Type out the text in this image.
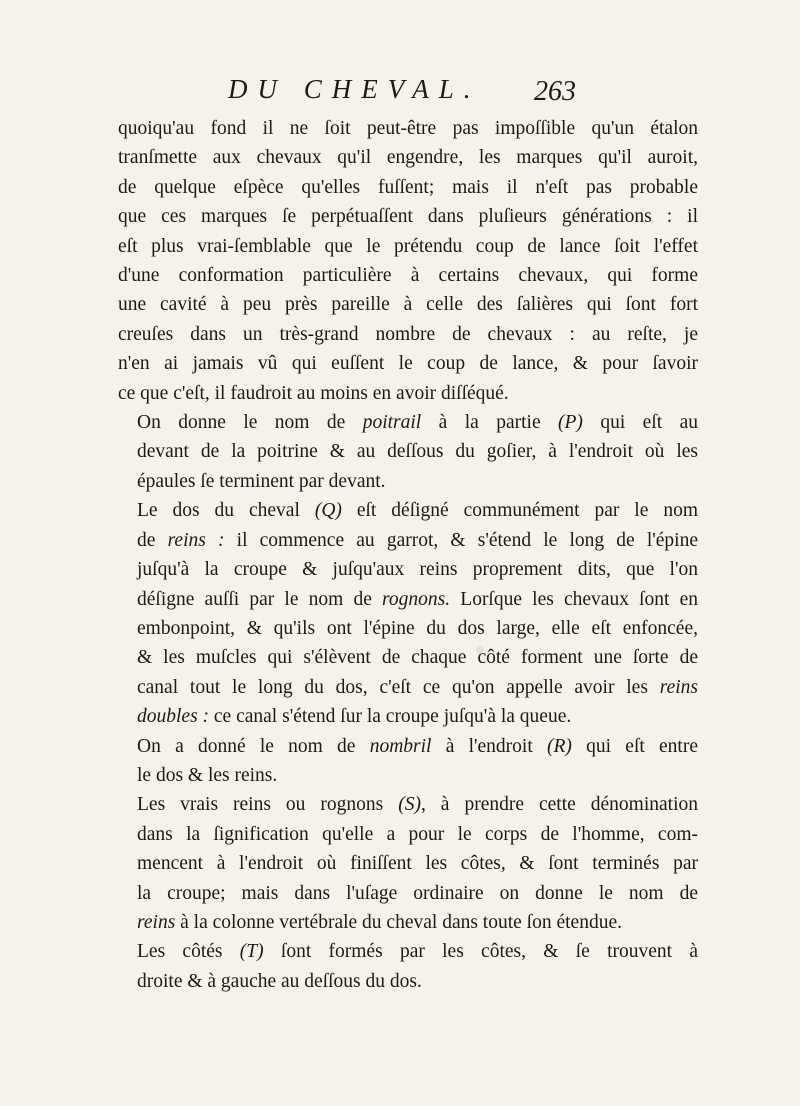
DU CHEVAL. 263

quoiqu'au fond il ne ſoit peut-être pas impoſſible qu'un étalon
tranſmette aux chevaux qu'il engendre, les marques qu'il auroit,
de quelque eſpèce qu'elles fuſſent; mais il n'eſt pas probable
que ces marques ſe perpétuaſſent dans pluſieurs générations : il
eſt plus vrai-ſemblable que le prétendu coup de lance ſoit l'effet
d'une conformation particulière à certains chevaux, qui forme
une cavité à peu près pareille à celle des ſalières qui ſont fort
creuſes dans un très-grand nombre de chevaux : au reſte, je
n'en ai jamais vû qui euſſent le coup de lance, & pour ſavoir
ce que c'eſt, il faudroit au moins en avoir diſſéqué.

On donne le nom de poitrail à la partie (P) qui eſt au
devant de la poitrine & au deſſous du goſier, à l'endroit où les
épaules ſe terminent par devant.

Le dos du cheval (Q) eſt déſigné communément par le nom
de reins : il commence au garrot, & s'étend le long de l'épine
juſqu'à la croupe & juſqu'aux reins proprement dits, que l'on
déſigne auſſi par le nom de rognons. Lorſque les chevaux ſont en
embonpoint, & qu'ils ont l'épine du dos large, elle eſt enfoncée,
& les muſcles qui s'élèvent de chaque côté forment une ſorte de
canal tout le long du dos, c'eſt ce qu'on appelle avoir les reins
doubles : ce canal s'étend ſur la croupe juſqu'à la queue.

On a donné le nom de nombril à l'endroit (R) qui eſt entre
le dos & les reins.

Les vrais reins ou rognons (S), à prendre cette dénomination
dans la ſignification qu'elle a pour le corps de l'homme, com-
mencent à l'endroit où finiſſent les côtes, & ſont terminés par
la croupe; mais dans l'uſage ordinaire on donne le nom de
reins à la colonne vertébrale du cheval dans toute ſon étendue.

Les côtés (T) ſont formés par les côtes, & ſe trouvent à
droite & à gauche au deſſous du dos.
